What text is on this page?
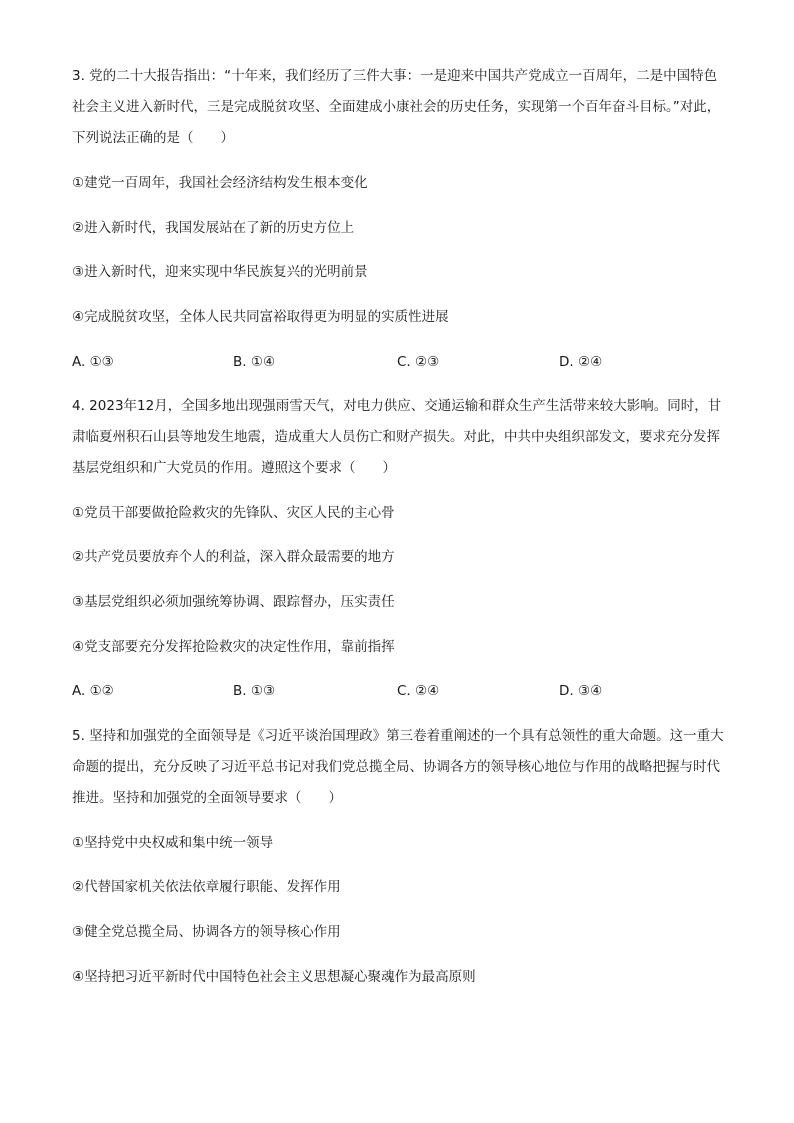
3. 党的二十大报告指出：“十年来，我们经历了三件大事：一是迎来中国共产党成立一百周年，二是中国特色社会主义进入新时代，三是完成脱贫攻坚、全面建成小康社会的历史任务，实现第一个百年奋斗目标。”对此，下列说法正确的是（　　）

①建党一百周年，我国社会经济结构发生根本变化

②进入新时代，我国发展站在了新的历史方位上

③进入新时代，迎来实现中华民族复兴的光明前景

④完成脱贫攻坚，全体人民共同富裕取得更为明显的实质性进展

A. ①③	B. ①④	C. ②③	D. ②④

4. 2023年12月，全国多地出现强雨雪天气，对电力供应、交通运输和群众生产生活带来较大影响。同时，甘肃临夏州积石山县等地发生地震，造成重大人员伤亡和财产损失。对此，中共中央组织部发文，要求充分发挥基层党组织和广大党员的作用。遵照这个要求（　　）

①党员干部要做抢险救灾的先锋队、灾区人民的主心骨

②共产党员要放弃个人的利益，深入群众最需要的地方

③基层党组织必须加强统筹协调、跟踪督办，压实责任

④党支部要充分发挥抢险救灾的决定性作用，靠前指挥

A. ①②	B. ①③	C. ②④	D. ③④

5. 坚持和加强党的全面领导是《习近平谈治国理政》第三卷着重阐述的一个具有总领性的重大命题。这一重大命题的提出，充分反映了习近平总书记对我们党总揽全局、协调各方的领导核心地位与作用的战略把握与时代推进。坚持和加强党的全面领导要求（　　）

①坚持党中央权威和集中统一领导

②代替国家机关依法依章履行职能、发挥作用

③健全党总揽全局、协调各方的领导核心作用

④坚持把习近平新时代中国特色社会主义思想凝心聚魂作为最高原则
